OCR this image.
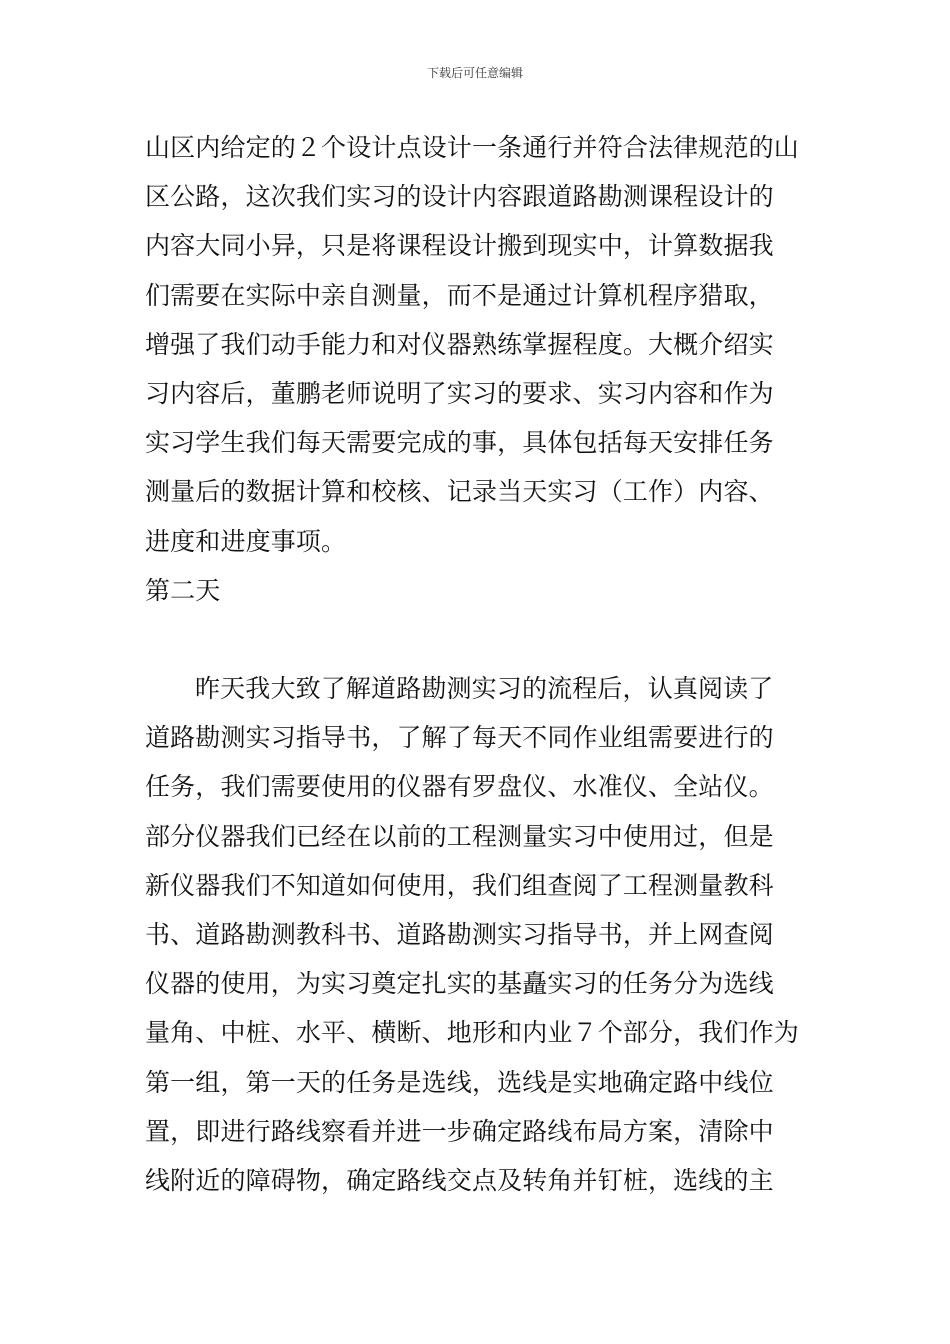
下载后可任意编辑
山区内给定的２个设计点设计一条通行并符合法律规范的山
区公路，这次我们实习的设计内容跟道路勘测课程设计的
内容大同小异，只是将课程设计搬到现实中，计算数据我
们需要在实际中亲自测量，而不是通过计算机程序猎取，
增强了我们动手能力和对仪器熟练掌握程度。大概介绍实
习内容后，董鹏老师说明了实习的要求、实习内容和作为
实习学生我们每天需要完成的事，具体包括每天安排任务
测量后的数据计算和校核、记录当天实习（工作）内容、
进度和进度事项。
第二天
昨天我大致了解道路勘测实习的流程后，认真阅读了
道路勘测实习指导书，了解了每天不同作业组需要进行的
任务，我们需要使用的仪器有罗盘仪、水准仪、全站仪。
部分仪器我们已经在以前的工程测量实习中使用过，但是
新仪器我们不知道如何使用，我们组查阅了工程测量教科
书、道路勘测教科书、道路勘测实习指导书，并上网查阅
仪器的使用，为实习奠定扎实的基矗实习的任务分为选线
量角、中桩、水平、横断、地形和内业７个部分，我们作为
第一组，第一天的任务是选线，选线是实地确定路中线位
置，即进行路线察看并进一步确定路线布局方案，清除中
线附近的障碍物，确定路线交点及转角并钉桩，选线的主
